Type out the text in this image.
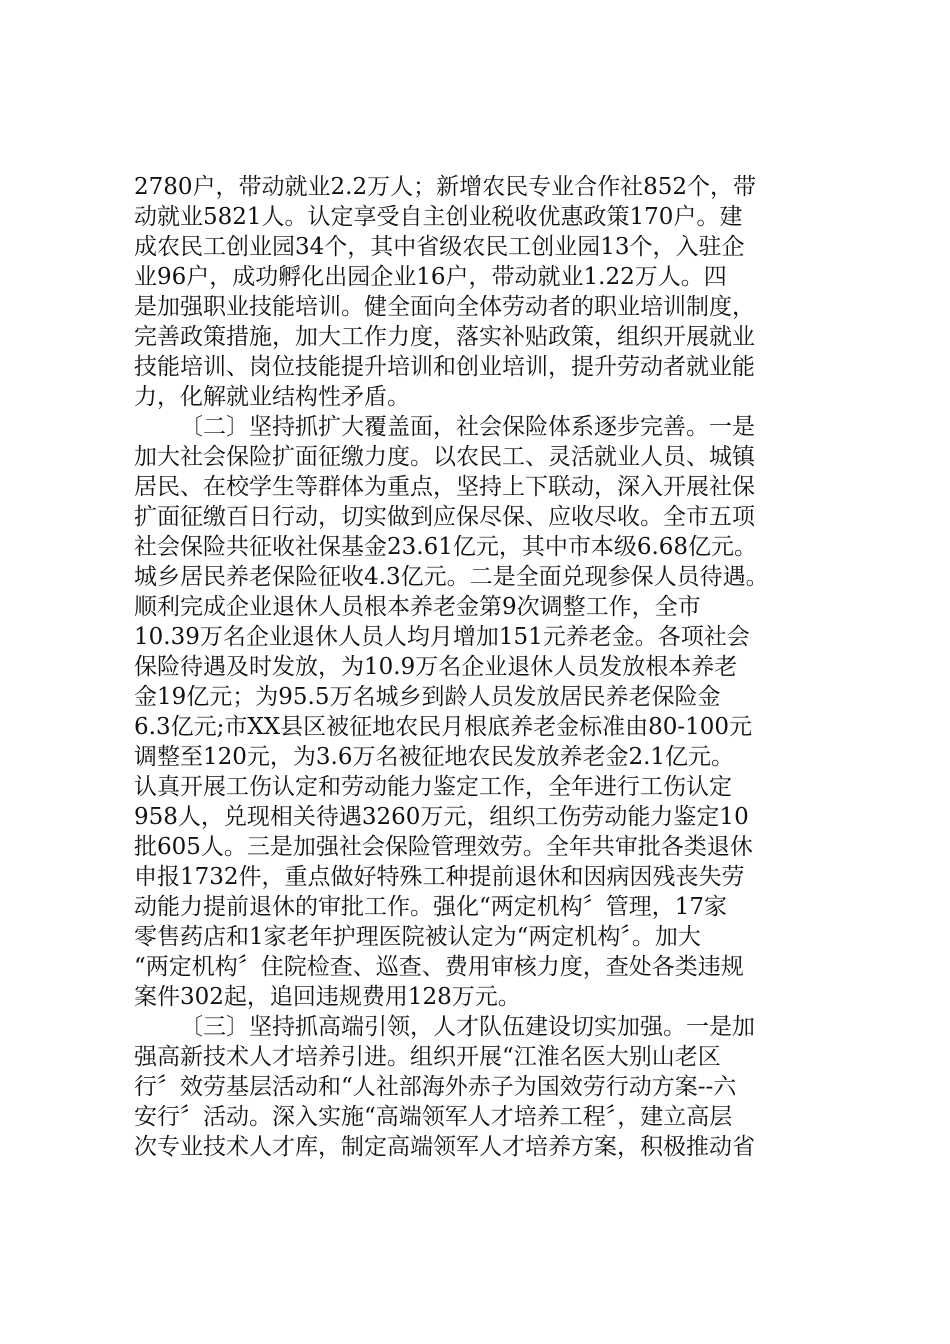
2780户，带动就业2.2万人；新增农民专业合作社852个，带
动就业5821人。认定享受自主创业税收优惠政策170户。建
成农民工创业园34个，其中省级农民工创业园13个，入驻企
业96户，成功孵化出园企业16户，带动就业1.22万人。四
是加强职业技能培训。健全面向全体劳动者的职业培训制度，
完善政策措施，加大工作力度，落实补贴政策，组织开展就业
技能培训、岗位技能提升培训和创业培训，提升劳动者就业能
力，化解就业结构性矛盾。
〔二〕坚持抓扩大覆盖面，社会保险体系逐步完善。一是
加大社会保险扩面征缴力度。以农民工、灵活就业人员、城镇
居民、在校学生等群体为重点，坚持上下联动，深入开展社保
扩面征缴百日行动，切实做到应保尽保、应收尽收。全市五项
社会保险共征收社保基金23.61亿元，其中市本级6.68亿元。
城乡居民养老保险征收4.3亿元。二是全面兑现参保人员待遇。
顺利完成企业退休人员根本养老金第9次调整工作，全市
10.39万名企业退休人员人均月增加151元养老金。各项社会
保险待遇及时发放，为10.9万名企业退休人员发放根本养老
金19亿元；为95.5万名城乡到龄人员发放居民养老保险金
6.3亿元;市XX县区被征地农民月根底养老金标准由80-100元
调整至120元，为3.6万名被征地农民发放养老金2.1亿元。
认真开展工伤认定和劳动能力鉴定工作，全年进行工伤认定
958人，兑现相关待遇3260万元，组织工伤劳动能力鉴定10
批605人。三是加强社会保险管理效劳。全年共审批各类退休
申报1732件，重点做好特殊工种提前退休和因病因残丧失劳
动能力提前退休的审批工作。强化“两定机构〞管理，17家
零售药店和1家老年护理医院被认定为“两定机构〞。加大
“两定机构〞住院检查、巡查、费用审核力度，查处各类违规
案件302起，追回违规费用128万元。
〔三〕坚持抓高端引领，人才队伍建设切实加强。一是加
强高新技术人才培养引进。组织开展“江淮名医大别山老区
行〞效劳基层活动和“人社部海外赤子为国效劳行动方案--六
安行〞活动。深入实施“高端领军人才培养工程〞，建立高层
次专业技术人才库，制定高端领军人才培养方案，积极推动省
